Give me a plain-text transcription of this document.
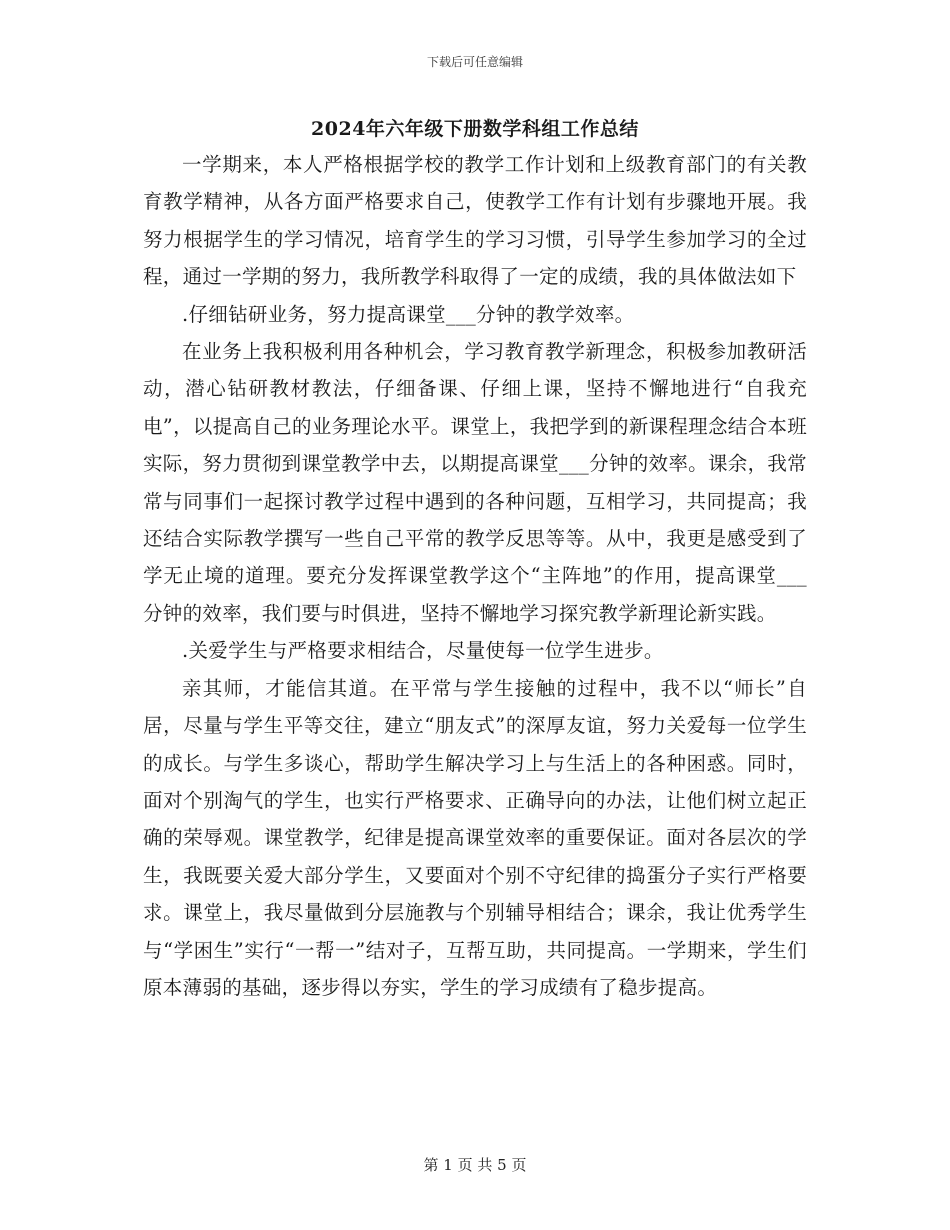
下载后可任意编辑
2024年六年级下册数学科组工作总结

一学期来，本人严格根据学校的教学工作计划和上级教育部门的有关教育教学精神，从各方面严格要求自己，使教学工作有计划有步骤地开展。我努力根据学生的学习情况，培育学生的学习习惯，引导学生参加学习的全过程，通过一学期的努力，我所教学科取得了一定的成绩，我的具体做法如下

.仔细钻研业务，努力提高课堂___分钟的教学效率。

在业务上我积极利用各种机会，学习教育教学新理念，积极参加教研活动，潜心钻研教材教法，仔细备课、仔细上课，坚持不懈地进行“自我充电”，以提高自己的业务理论水平。课堂上，我把学到的新课程理念结合本班实际，努力贯彻到课堂教学中去，以期提高课堂___分钟的效率。课余，我常常与同事们一起探讨教学过程中遇到的各种问题，互相学习，共同提高；我还结合实际教学撰写一些自己平常的教学反思等等。从中，我更是感受到了学无止境的道理。要充分发挥课堂教学这个“主阵地”的作用，提高课堂___分钟的效率，我们要与时俱进，坚持不懈地学习探究教学新理论新实践。

.关爱学生与严格要求相结合，尽量使每一位学生进步。

亲其师，才能信其道。在平常与学生接触的过程中，我不以“师长”自居，尽量与学生平等交往，建立“朋友式”的深厚友谊，努力关爱每一位学生的成长。与学生多谈心，帮助学生解决学习上与生活上的各种困惑。同时，面对个别淘气的学生，也实行严格要求、正确导向的办法，让他们树立起正确的荣辱观。课堂教学，纪律是提高课堂效率的重要保证。面对各层次的学生，我既要关爱大部分学生，又要面对个别不守纪律的捣蛋分子实行严格要求。课堂上，我尽量做到分层施教与个别辅导相结合；课余，我让优秀学生与“学困生”实行“一帮一”结对子，互帮互助，共同提高。一学期来，学生们原本薄弱的基础，逐步得以夯实，学生的学习成绩有了稳步提高。

第 1 页 共 5 页
